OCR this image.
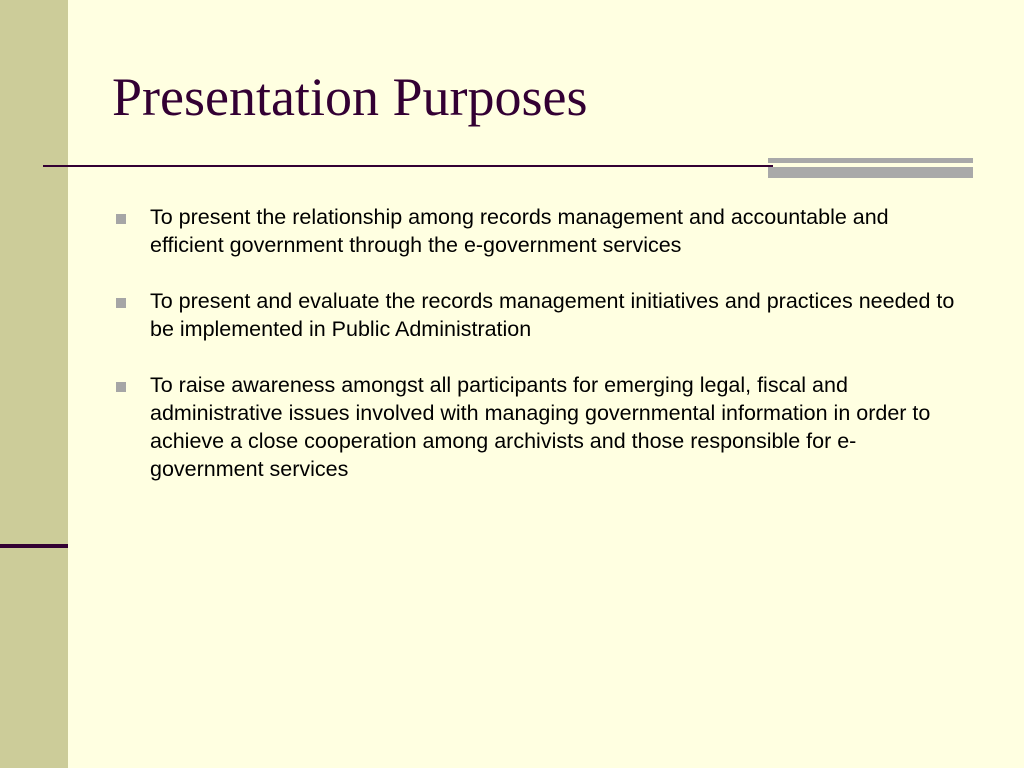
Presentation Purposes
To present the relationship among records management and accountable and efficient government through the e-government services
To present and evaluate the records management initiatives and practices needed to be implemented in Public Administration
To raise awareness amongst all participants for emerging legal, fiscal and administrative issues involved with managing governmental information in order to achieve a close cooperation among archivists and those responsible for e-government services
